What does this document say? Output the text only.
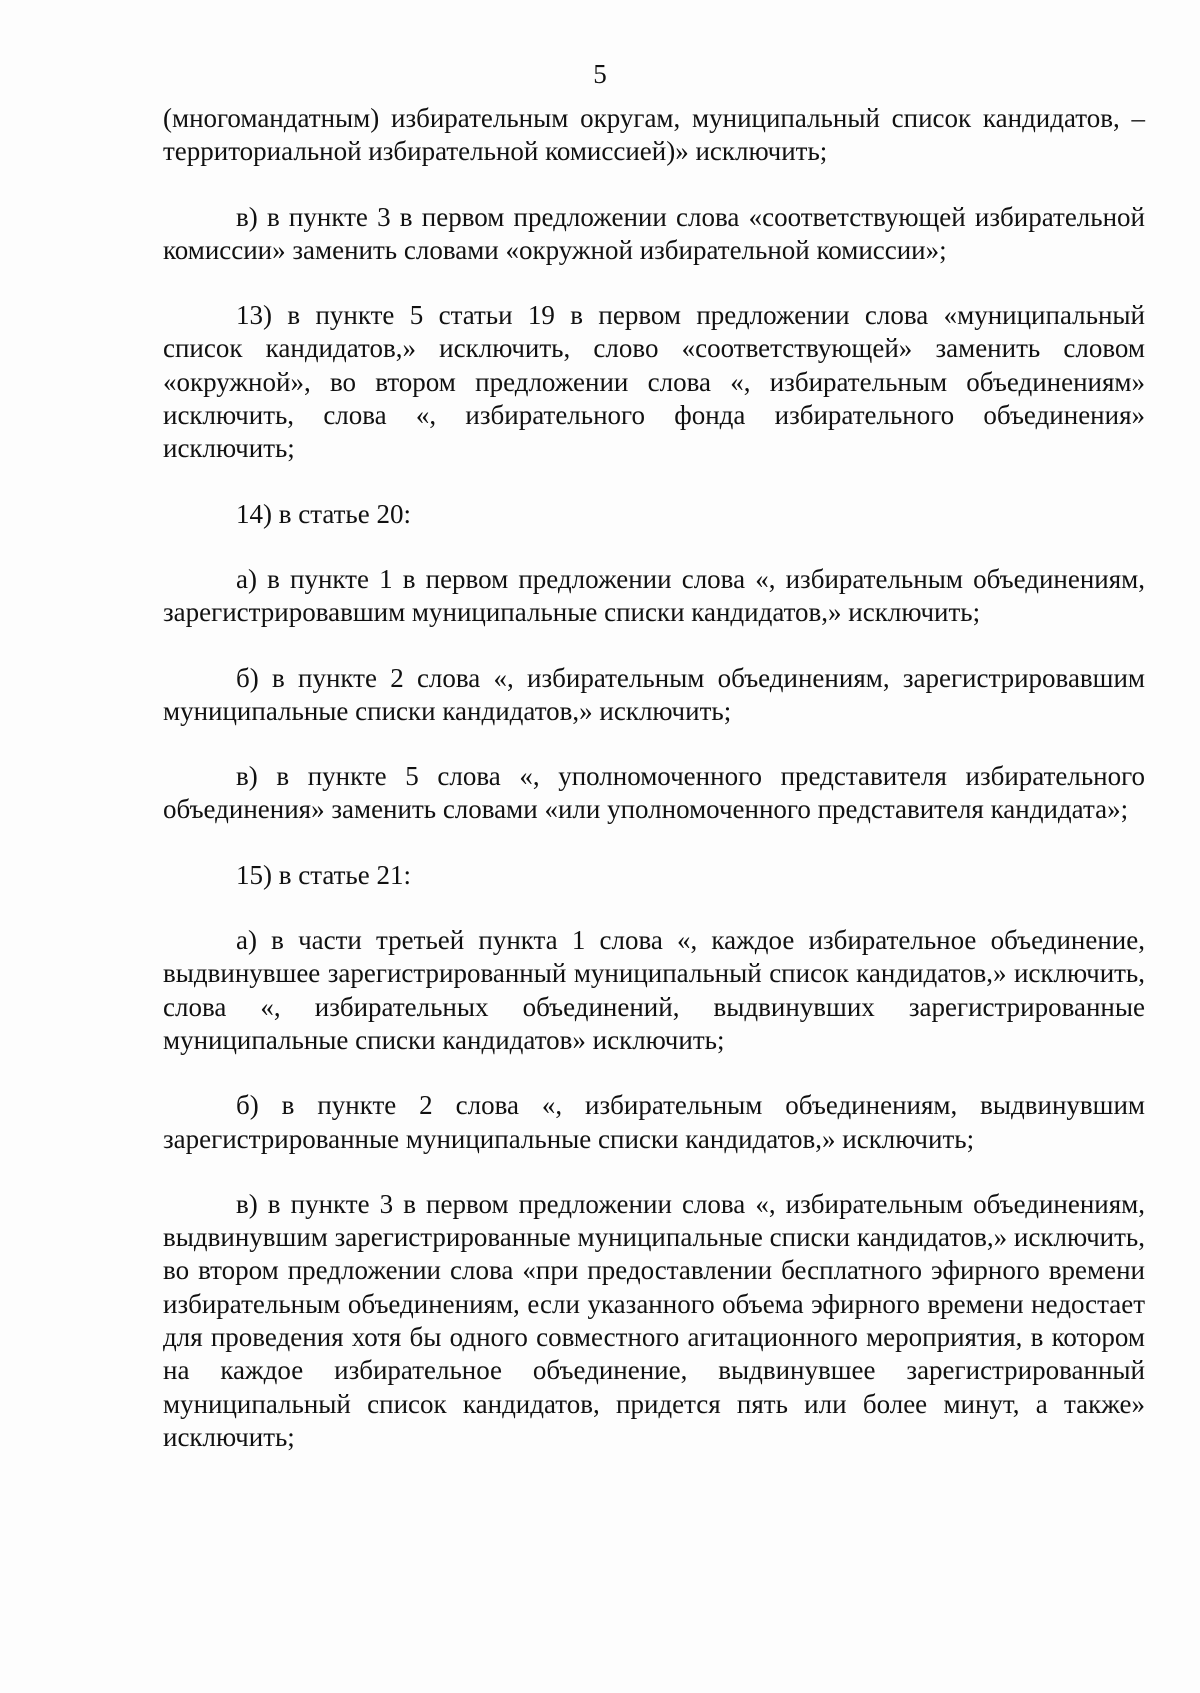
5

(многомандатным) избирательным округам, муниципальный список кандидатов, – территориальной избирательной комиссией)» исключить;

в) в пункте 3 в первом предложении слова «соответствующей избирательной комиссии» заменить словами «окружной избирательной комиссии»;

13) в пункте 5 статьи 19 в первом предложении слова «муниципальный список кандидатов,» исключить, слово «соответствующей» заменить словом «окружной», во втором предложении слова «, избирательным объединениям» исключить, слова «, избирательного фонда избирательного объединения» исключить;

14) в статье 20:

а) в пункте 1 в первом предложении слова «, избирательным объединениям, зарегистрировавшим муниципальные списки кандидатов,» исключить;

б) в пункте 2 слова «, избирательным объединениям, зарегистрировавшим муниципальные списки кандидатов,» исключить;

в) в пункте 5 слова «, уполномоченного представителя избирательного объединения» заменить словами «или уполномоченного представителя кандидата»;

15) в статье 21:

а) в части третьей пункта 1 слова «, каждое избирательное объединение, выдвинувшее зарегистрированный муниципальный список кандидатов,» исключить, слова «, избирательных объединений, выдвинувших зарегистрированные муниципальные списки кандидатов» исключить;

б) в пункте 2 слова «, избирательным объединениям, выдвинувшим зарегистрированные муниципальные списки кандидатов,» исключить;

в) в пункте 3 в первом предложении слова «, избирательным объединениям, выдвинувшим зарегистрированные муниципальные списки кандидатов,» исключить, во втором предложении слова «при предоставлении бесплатного эфирного времени избирательным объединениям, если указанного объема эфирного времени недостает для проведения хотя бы одного совместного агитационного мероприятия, в котором на каждое избирательное объединение, выдвинувшее зарегистрированный муниципальный список кандидатов, придется пять или более минут, а также» исключить;
